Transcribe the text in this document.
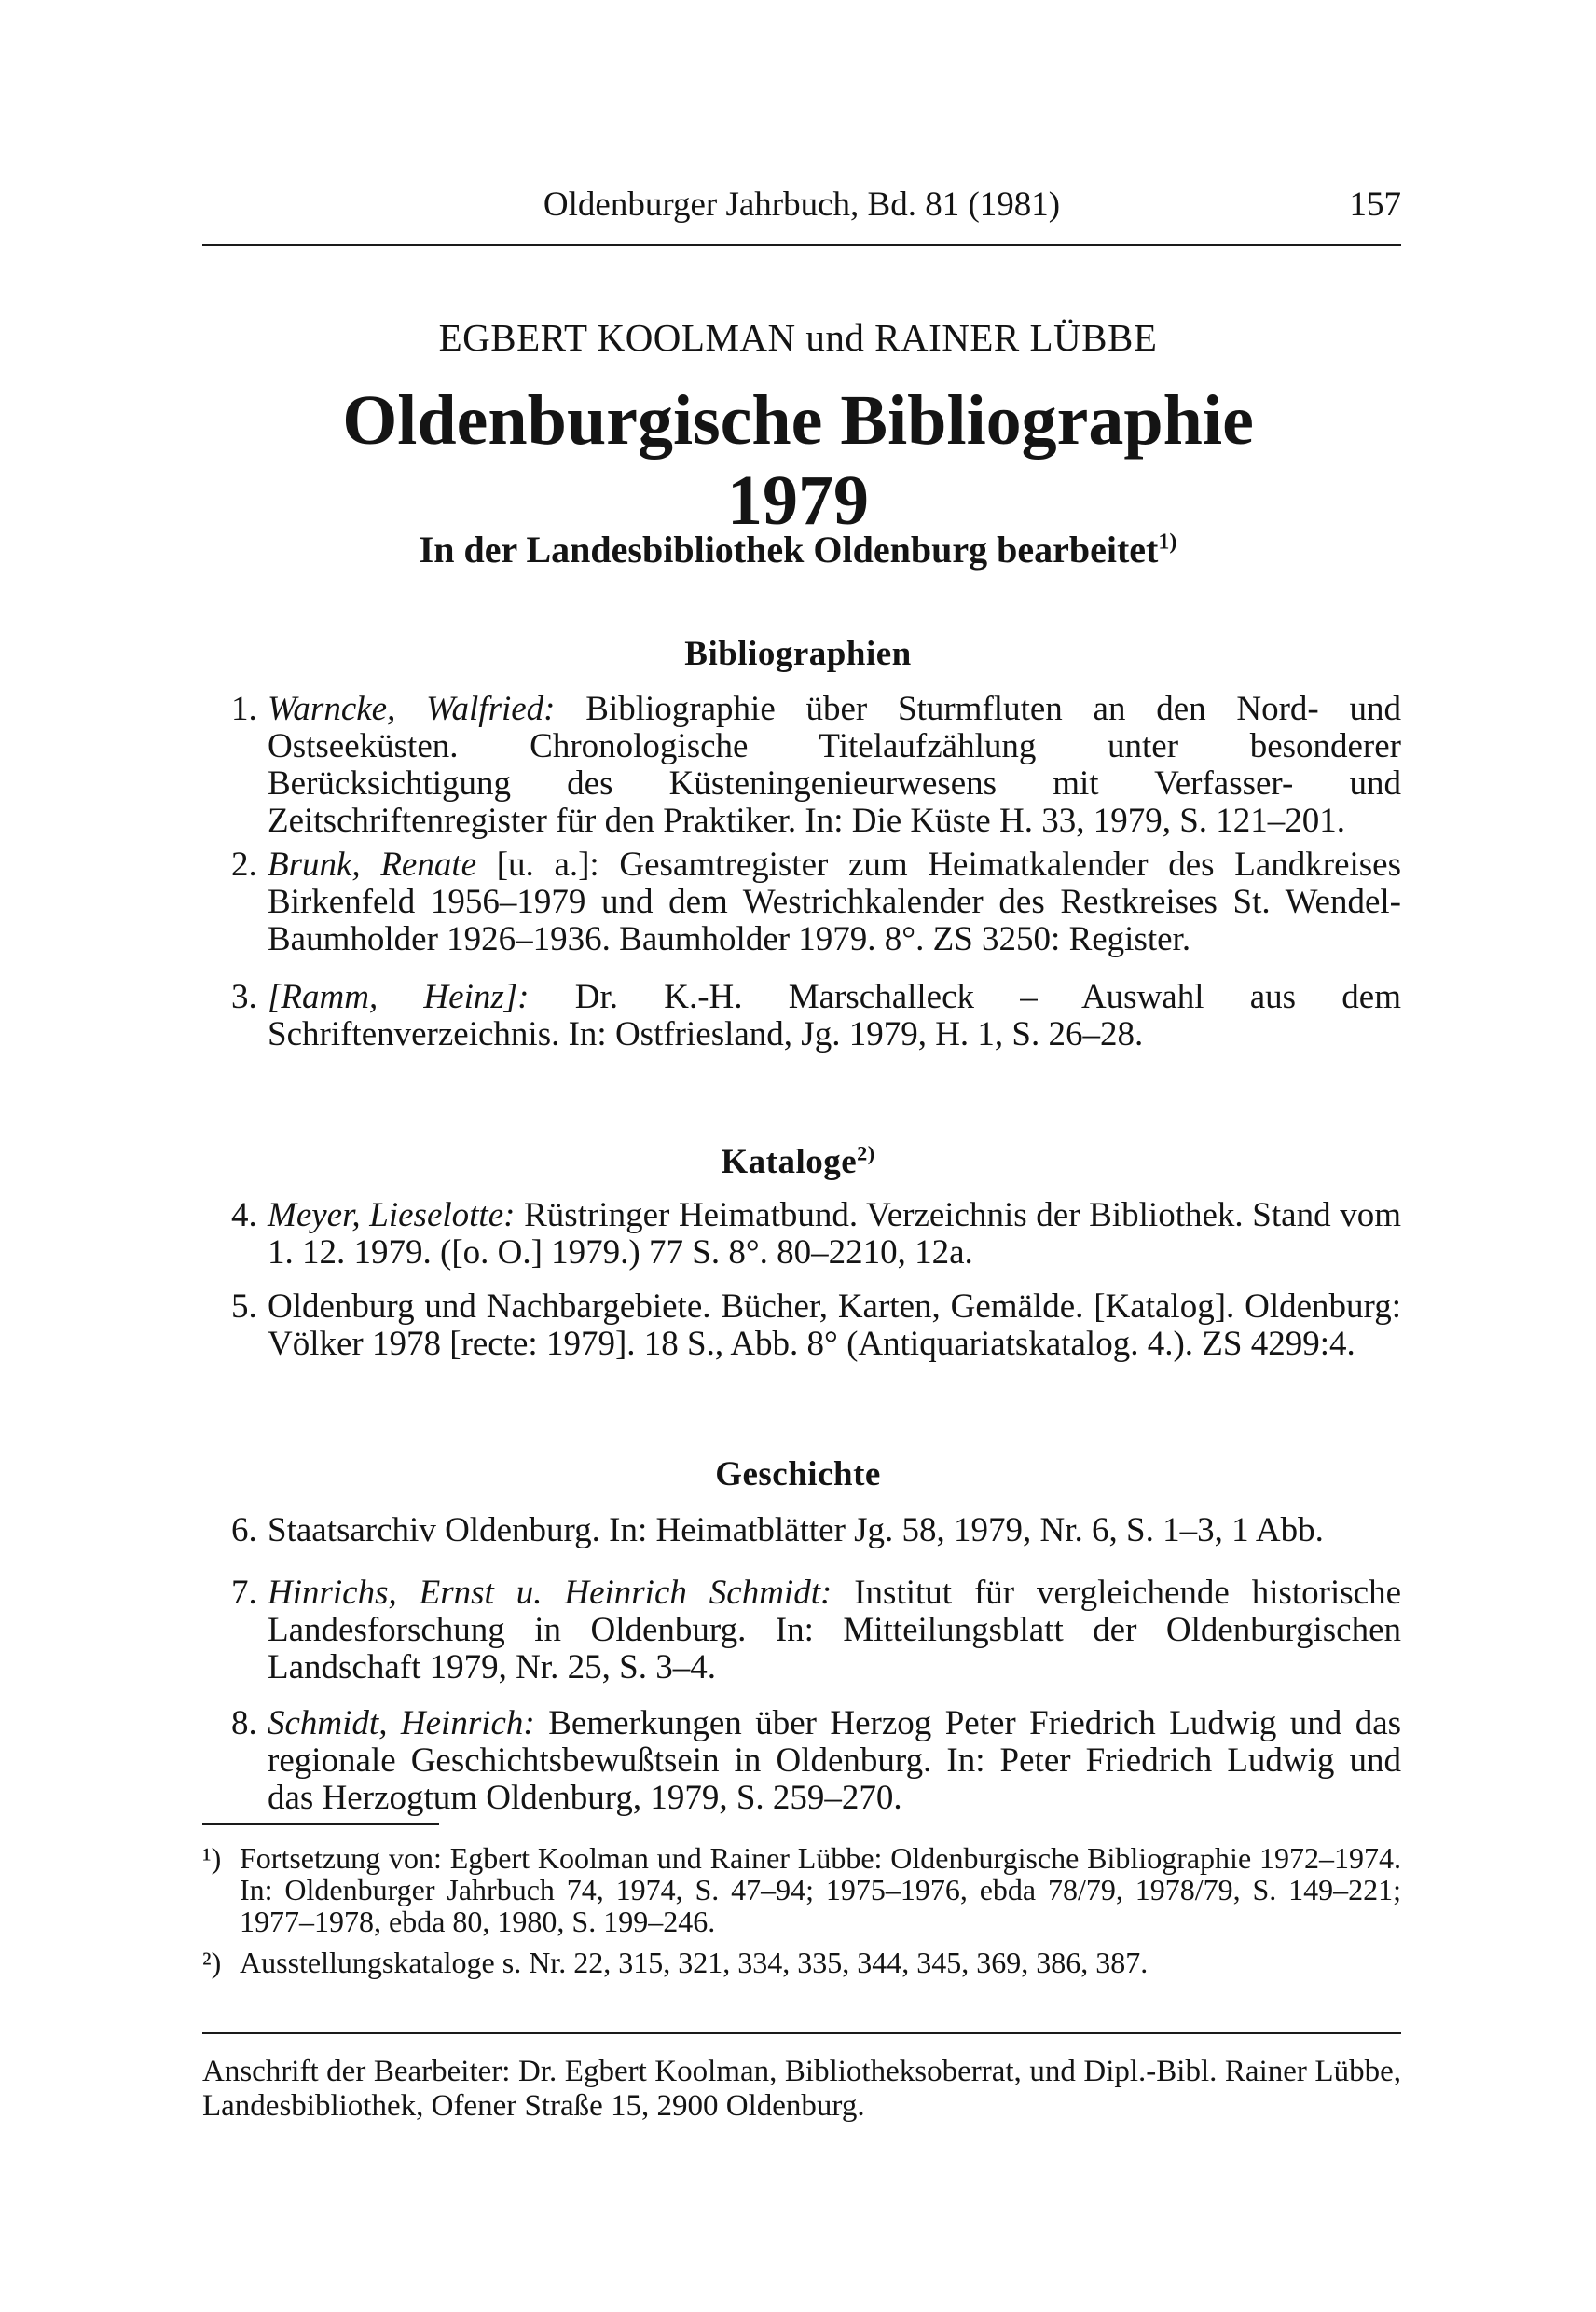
Oldenburger Jahrbuch, Bd. 81 (1981)	157
EGBERT KOOLMAN und RAINER LÜBBE
Oldenburgische Bibliographie
1979
In der Landesbibliothek Oldenburg bearbeitet$^{1)}$
Bibliographien
1. Warncke, Walfried: Bibliographie über Sturmfluten an den Nord- und Ostseeküsten. Chronologische Titelaufzählung unter besonderer Berücksichtigung des Küsteningenieurwesens mit Verfasser- und Zeitschriftenregister für den Praktiker. In: Die Küste H. 33, 1979, S. 121–201.
2. Brunk, Renate [u. a.]: Gesamtregister zum Heimatkalender des Landkreises Birkenfeld 1956–1979 und dem Westrichkalender des Restkreises St. Wendel-Baumholder 1926–1936. Baumholder 1979. 8°. ZS 3250: Register.
3. [Ramm, Heinz]: Dr. K.-H. Marschalleck – Auswahl aus dem Schriftenverzeichnis. In: Ostfriesland, Jg. 1979, H. 1, S. 26–28.
Kataloge$^{2)}$
4. Meyer, Lieselotte: Rüstringer Heimatbund. Verzeichnis der Bibliothek. Stand vom 1. 12. 1979. ([o. O.] 1979.) 77 S. 8°. 80–2210, 12a.
5. Oldenburg und Nachbargebiete. Bücher, Karten, Gemälde. [Katalog]. Oldenburg: Völker 1978 [recte: 1979]. 18 S., Abb. 8° (Antiquariatskatalog. 4.). ZS 4299:4.
Geschichte
6. Staatsarchiv Oldenburg. In: Heimatblätter Jg. 58, 1979, Nr. 6, S. 1–3, 1 Abb.
7. Hinrichs, Ernst u. Heinrich Schmidt: Institut für vergleichende historische Landesforschung in Oldenburg. In: Mitteilungsblatt der Oldenburgischen Landschaft 1979, Nr. 25, S. 3–4.
8. Schmidt, Heinrich: Bemerkungen über Herzog Peter Friedrich Ludwig und das regionale Geschichtsbewußtsein in Oldenburg. In: Peter Friedrich Ludwig und das Herzogtum Oldenburg, 1979, S. 259–270.
¹) Fortsetzung von: Egbert Koolman und Rainer Lübbe: Oldenburgische Bibliographie 1972–1974. In: Oldenburger Jahrbuch 74, 1974, S. 47–94; 1975–1976, ebda 78/79, 1978/79, S. 149–221; 1977–1978, ebda 80, 1980, S. 199–246.
²) Ausstellungskataloge s. Nr. 22, 315, 321, 334, 335, 344, 345, 369, 386, 387.
Anschrift der Bearbeiter: Dr. Egbert Koolman, Bibliotheksoberrat, und Dipl.-Bibl. Rainer Lübbe, Landesbibliothek, Ofener Straße 15, 2900 Oldenburg.
